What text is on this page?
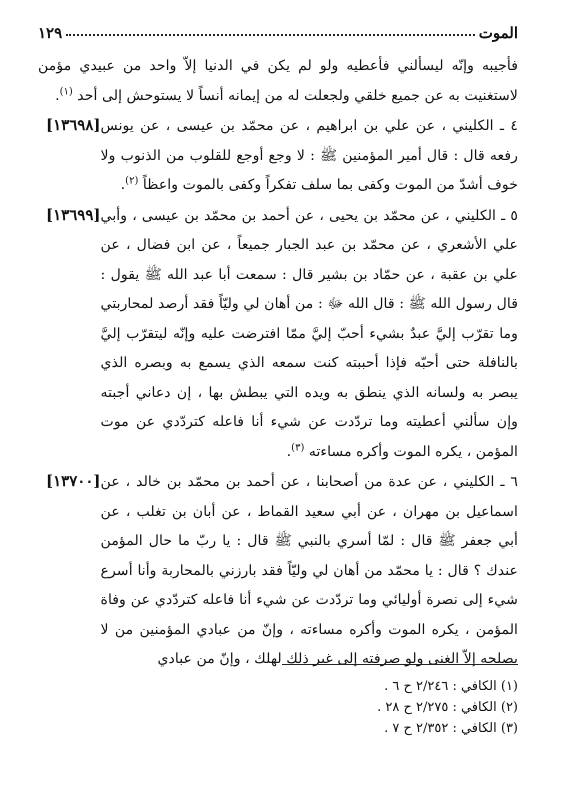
الموت
١٢٩

فأجيبه وإنّه ليسألني فأعطيه ولو لم يكن في الدنيا إلاّ واحد من عبيدي مؤمن لاستغنيت به عن جميع خلقي ولجعلت له من إيمانه أنساً لا يستوحش إلى أحد $^{(١)}$.

٤ ـ الكليني ، عن علي بن ابراهيم ، عن محمّد بن عيسى ، عن يونس رفعه قال : قال أمير المؤمنين ﷺ : لا وجع أوجع للقلوب من الذنوب ولا خوف أشدّ من الموت وكفى بما سلف تفكراً وكفى بالموت واعظاً $^{(٢)}$.
[١٣٦٩٨]

٥ ـ الكليني ، عن محمّد بن يحيى ، عن أحمد بن محمّد بن عيسى ، وأبي علي الأشعري ، عن محمّد بن عبد الجبار جميعاً ، عن ابن فضال ، عن علي بن عقبة ، عن حمّاد بن بشير قال : سمعت أبا عبد الله ﷺ يقول : قال رسول الله ﷺ : قال الله ﷻ : من أهان لي وليّاً فقد أرصد لمحاربتي وما تقرّب إليَّ عبدٌ بشيء أحبّ إليَّ ممّا افترضت عليه وإنّه ليتقرّب إليَّ بالنافلة حتى أحبّه فإذا أحببته كنت سمعه الذي يسمع به وبصره الذي يبصر به ولسانه الذي ينطق به ويده التي يبطش بها ، إن دعاني أجبته وإن سألني أعطيته وما تردّدت عن شيء أنا فاعله كتردّدي عن موت المؤمن ، يكره الموت وأكره مساءته $^{(٣)}$.
[١٣٦٩٩]

٦ ـ الكليني ، عن عدة من أصحابنا ، عن أحمد بن محمّد بن خالد ، عن اسماعيل بن مهران ، عن أبي سعيد القماط ، عن أبان بن تغلب ، عن أبي جعفر ﷺ قال : لمّا أسري بالنبي ﷺ قال : يا ربّ ما حال المؤمن عندك ؟ قال : يا محمّد من أهان لي وليّاً فقد بارزني بالمحاربة وأنا أسرع شيء إلى نصرة أوليائي وما تردّدت عن شيء أنا فاعله كتردّدي عن وفاة المؤمن ، يكره الموت وأكره مساءته ، وإنّ من عبادي المؤمنين من لا يصلحه إلاّ الغنى ولو صرفته إلى غير ذلك لهلك ، وإنّ من عبادي
[١٣٧٠٠]

(١) الكافي : ٢/٢٤٦ ح ٦ .
(٢) الكافي : ٢/٢٧٥ ح ٢٨ .
(٣) الكافي : ٢/٣٥٢ ح ٧ .
